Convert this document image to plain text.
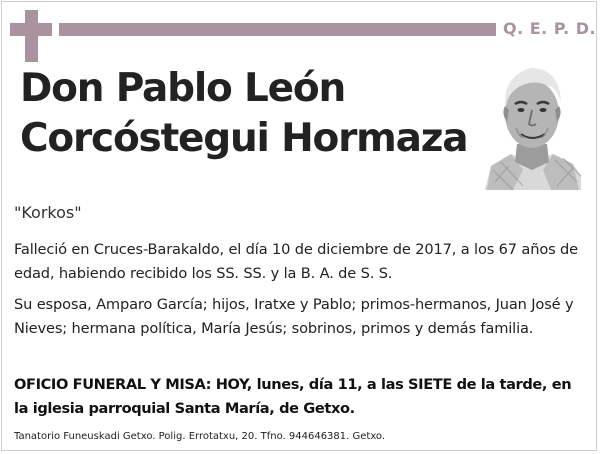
Q. E. P. D.
Don Pablo León
Corcóstegui Hormaza
"Korkos"
Falleció en Cruces-Barakaldo, el día 10 de diciembre de 2017, a los 67 años de edad, habiendo recibido los SS. SS. y la B. A. de S. S.
Su esposa, Amparo García; hijos, Iratxe y Pablo; primos-hermanos, Juan José y Nieves; hermana política, María Jesús; sobrinos, primos y demás familia.
OFICIO FUNERAL Y MISA: HOY, lunes, día 11, a las SIETE de la tarde, en la iglesia parroquial Santa María, de Getxo.
Tanatorio Funeuskadi Getxo. Polig. Errotatxu, 20. Tfno. 944646381. Getxo.
